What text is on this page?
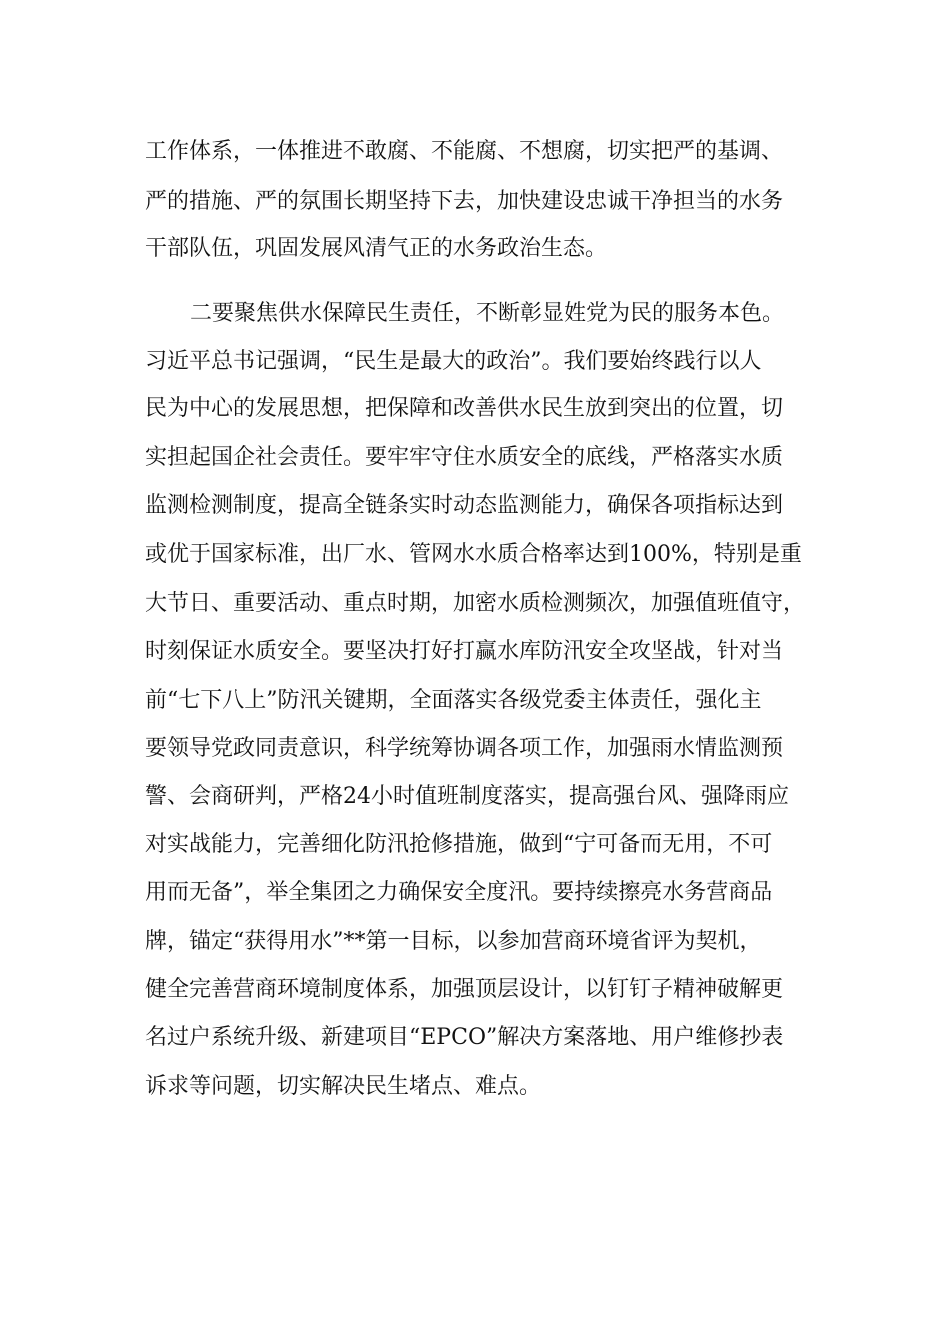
工作体系，一体推进不敢腐、不能腐、不想腐，切实把严的基调、
严的措施、严的氛围长期坚持下去，加快建设忠诚干净担当的水务
干部队伍，巩固发展风清气正的水务政治生态。
二要聚焦供水保障民生责任，不断彰显姓党为民的服务本色。
习近平总书记强调，“民生是最大的政治”。我们要始终践行以人
民为中心的发展思想，把保障和改善供水民生放到突出的位置，切
实担起国企社会责任。要牢牢守住水质安全的底线，严格落实水质
监测检测制度，提高全链条实时动态监测能力，确保各项指标达到
或优于国家标准，出厂水、管网水水质合格率达到100%，特别是重
大节日、重要活动、重点时期，加密水质检测频次，加强值班值守，
时刻保证水质安全。要坚决打好打赢水库防汛安全攻坚战，针对当
前“七下八上”防汛关键期，全面落实各级党委主体责任，强化主
要领导党政同责意识，科学统筹协调各项工作，加强雨水情监测预
警、会商研判，严格24小时值班制度落实，提高强台风、强降雨应
对实战能力，完善细化防汛抢修措施，做到“宁可备而无用，不可
用而无备”，举全集团之力确保安全度汛。要持续擦亮水务营商品
牌，锚定“获得用水”**第一目标，以参加营商环境省评为契机，
健全完善营商环境制度体系，加强顶层设计，以钉钉子精神破解更
名过户系统升级、新建项目“EPCO”解决方案落地、用户维修抄表
诉求等问题，切实解决民生堵点、难点。
